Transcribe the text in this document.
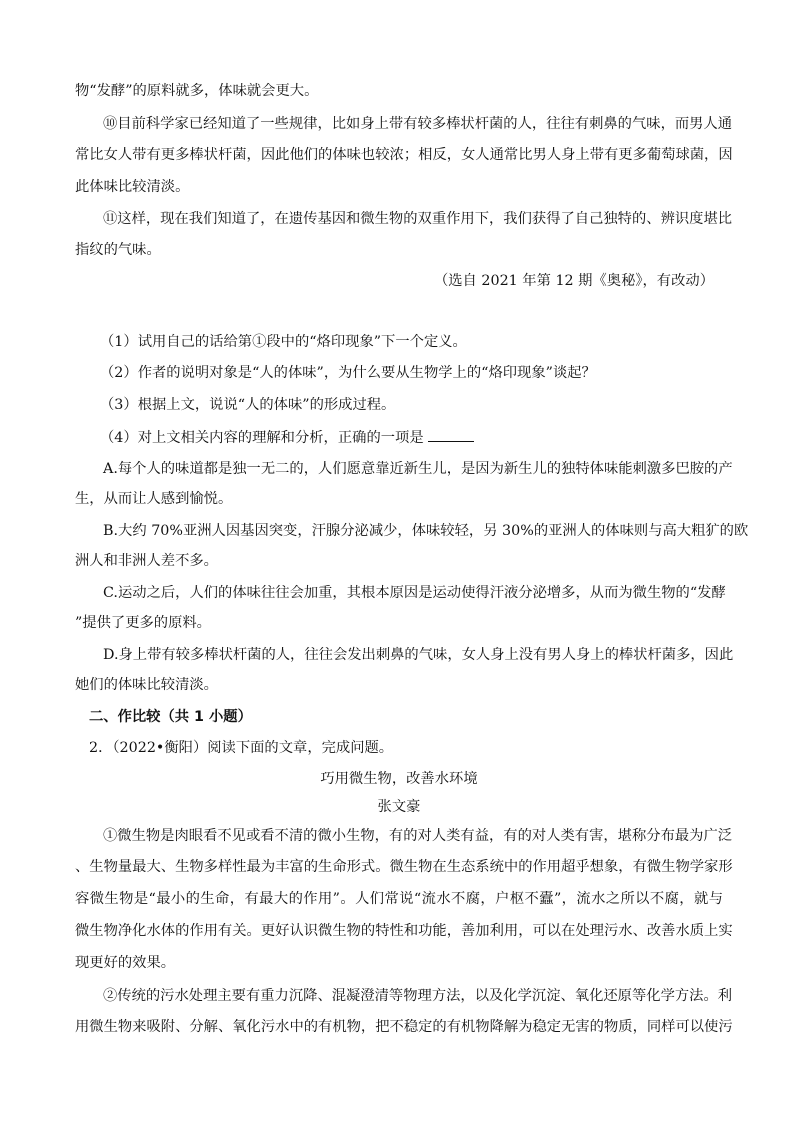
物“发酵”的原料就多，体味就会更大。
⑩目前科学家已经知道了一些规律，比如身上带有较多棒状杆菌的人，往往有刺鼻的气味，而男人通
常比女人带有更多棒状杆菌，因此他们的体味也较浓；相反，女人通常比男人身上带有更多葡萄球菌，因
此体味比较清淡。
⑪这样，现在我们知道了，在遗传基因和微生物的双重作用下，我们获得了自己独特的、辨识度堪比
指纹的气味。
（选自 2021 年第 12 期《奥秘》，有改动）
（1）试用自己的话给第①段中的“烙印现象”下一个定义。
（2）作者的说明对象是“人的体味”，为什么要从生物学上的“烙印现象”谈起？
（3）根据上文，说说“人的体味”的形成过程。
（4）对上文相关内容的理解和分析，正确的一项是
A.每个人的味道都是独一无二的，人们愿意靠近新生儿，是因为新生儿的独特体味能刺激多巴胺的产
生，从而让人感到愉悦。
B.大约 70%亚洲人因基因突变，汗腺分泌减少，体味较轻，另 30%的亚洲人的体味则与高大粗犷的欧
洲人和非洲人差不多。
C.运动之后，人们的体味往往会加重，其根本原因是运动使得汗液分泌增多，从而为微生物的“发酵
”提供了更多的原料。
D.身上带有较多棒状杆菌的人，往往会发出刺鼻的气味，女人身上没有男人身上的棒状杆菌多，因此
她们的体味比较清淡。
二、作比较（共 1 小题）
2．（2022•衡阳）阅读下面的文章，完成问题。
巧用微生物，改善水环境
张文豪
①微生物是肉眼看不见或看不清的微小生物，有的对人类有益，有的对人类有害，堪称分布最为广泛
、生物量最大、生物多样性最为丰富的生命形式。微生物在生态系统中的作用超乎想象，有微生物学家形
容微生物是“最小的生命，有最大的作用”。人们常说“流水不腐，户枢不蠹”，流水之所以不腐，就与
微生物净化水体的作用有关。更好认识微生物的特性和功能，善加利用，可以在处理污水、改善水质上实
现更好的效果。
②传统的污水处理主要有重力沉降、混凝澄清等物理方法，以及化学沉淀、氧化还原等化学方法。利
用微生物来吸附、分解、氧化污水中的有机物，把不稳定的有机物降解为稳定无害的物质，同样可以使污
